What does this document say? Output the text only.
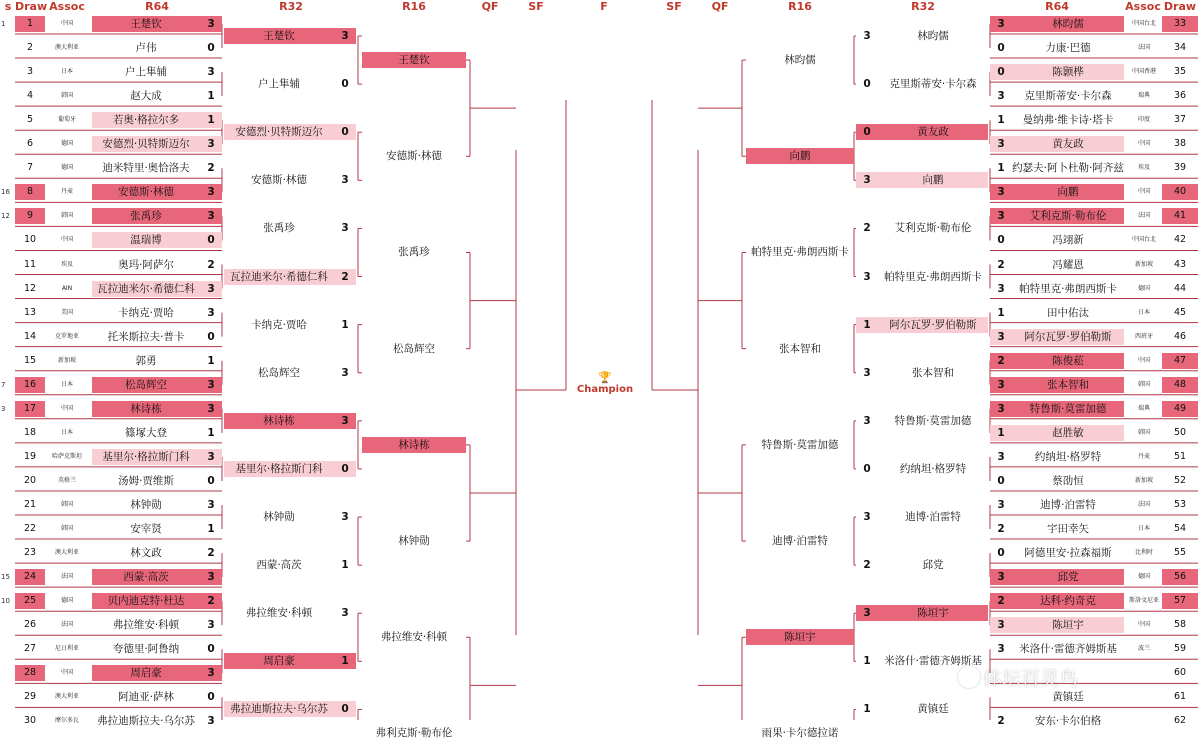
s Draw Assoc	R64	R32	R16	QF	SF	F	SF	QF	R16	R32	R64	Assoc Draw
1	1	中国	王楚钦	3
2	澳大利亚	卢伟	0
3	日本	户上隼辅	3
4	韩国	赵大成	1
5	葡萄牙	若奥·格拉尔多	1
6	德国	安德烈·贝特斯迈尔	3
7	德国	迪米特里·奥恰洛夫	2
16	8	丹麦	安德斯·林德	3
12	9	韩国	张禹珍	3
10	中国	温瑞博	0
11	埃及	奥玛·阿萨尔	2
12	AIN	瓦拉迪米尔·希德仁科	3
13	美国	卡纳克·贾哈	3
14	克罗地亚	托米斯拉夫·普卡	0
15	新加坡	郭勇	1
7	16	日本	松岛辉空	3
3	17	中国	林诗栋	3
18	日本	篠塚大登	1
19	哈萨克斯坦	基里尔·格拉斯门科	3
20	英格兰	汤姆·贾维斯	0
21	韩国	林钟勋	3
22	韩国	安宰贤	1
23	澳大利亚	林文政	2
15	24	法国	西蒙·高茨	3
10	25	德国	贝内迪克特·杜达	2
26	法国	弗拉维安·科顿	3
27	尼日利亚	夸德里·阿鲁纳	0
28	中国	周启豪	3
29	澳大利亚	阿迪亚·萨林	0
30	摩尔多瓦	弗拉迪斯拉夫·乌尔苏	3
王楚钦	3
户上隼辅	0
安德烈·贝特斯迈尔	0
安德斯·林德	3
张禹珍	3
瓦拉迪米尔·希德仁科	2
卡纳克·贾哈	1
松岛辉空	3
林诗栋	3
基里尔·格拉斯门科	0
林钟勋	3
西蒙·高茨	1
弗拉维安·科顿	3
周启豪	1
弗拉迪斯拉夫·乌尔苏	0
王楚钦
安德斯·林德
张禹珍
松岛辉空
林诗栋
林钟勋
弗拉维安·科顿
弗利克斯·勒布伦
3	林昀儒	中国台北	33
0	力康·巴德	法国	34
0	陈颢桦	中国香港	35
3	克里斯蒂安·卡尔森	瑞典	36
1	曼纳弗·维卡诗·塔卡	印度	37
3	黄友政	中国	38
1 约瑟夫·阿卜杜勒·阿齐兹	埃及	39
3	向鹏	中国	40
3	艾利克斯·勒布伦	法国	41
0	冯翊新	中国台北	42
2	冯耀恩	新加坡	43
3	帕特里克·弗朗西斯卡	德国	44
1	田中佑汰	日本	45
3	阿尔瓦罗·罗伯勒斯	西班牙	46
2	陈俊菘	中国	47
3	张本智和	韩国	48
3	特鲁斯·莫雷加德	瑞典	49
1	赵胜敏	韩国	50
3	约纳坦·格罗特	丹麦	51
0	蔡劭恒	新加坡	52
3	迪博·泊雷特	法国	53
2	宇田幸矢	日本	54
0	阿德里安·拉森福斯	比利时	55
3	邱党	德国	56
2	达科·约奇克	斯洛文尼亚	57
3	陈垣宇	中国	58
3	米洛什·雷德齐姆斯基	波兰	59
60
黄镇廷	61
2	安东·卡尔伯格	62
3	林昀儒
0	克里斯蒂安·卡尔森
0	黄友政
3	向鹏
2	艾利克斯·勒布伦
3	帕特里克·弗朗西斯卡
1	阿尔瓦罗·罗伯勒斯
3	张本智和
3	特鲁斯·莫雷加德
0	约纳坦·格罗特
3	迪博·泊雷特
2	邱党
3	陈垣宇
1	米洛什·雷德齐姆斯基
1	黄镇廷
林昀儒
向鹏
帕特里克·弗朗西斯卡
张本智和
特鲁斯·莫雷加德
迪博·泊雷特
陈垣宇
雨果·卡尔德拉诺
🏆
Champion
体坛百灵鸟
